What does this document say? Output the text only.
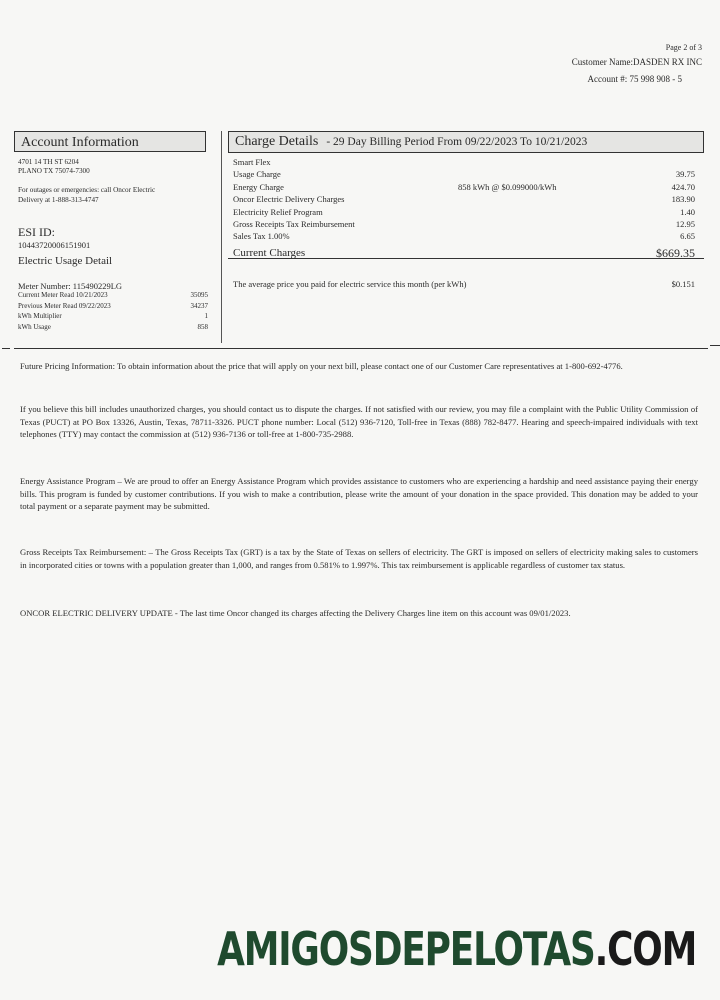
Page 2 of 3
Customer Name:DASDEN RX INC
Account #: 75 998 908 - 5
Account Information
4701 14 TH ST 6204
PLANO TX 75074-7300
For outages or emergencies: call Oncor Electric Delivery at 1-888-313-4747
ESI ID:
10443720006151901
Electric Usage Detail
Meter Number: 115490229LG
Current Meter Read 10/21/2023	35095
Previous Meter Read 09/22/2023	34237
kWh Multiplier	1
kWh Usage	858
Charge Details - 29 Day Billing Period From 09/22/2023 To 10/21/2023
Smart Flex
Usage Charge	39.75
Energy Charge	858 kWh @ $0.099000/kWh	424.70
Oncor Electric Delivery Charges	183.90
Electricity Relief Program	1.40
Gross Receipts Tax Reimbursement	12.95
Sales Tax 1.00%	6.65
Current Charges	$669.35
The average price you paid for electric service this month (per kWh)	$0.151
Future Pricing Information: To obtain information about the price that will apply on your next bill, please contact one of our Customer Care representatives at 1-800-692-4776.
If you believe this bill includes unauthorized charges, you should contact us to dispute the charges. If not satisfied with our review, you may file a complaint with the Public Utility Commission of Texas (PUCT) at PO Box 13326, Austin, Texas, 78711-3326. PUCT phone number: Local (512) 936-7120, Toll-free in Texas (888) 782-8477. Hearing and speech-impaired individuals with text telephones (TTY) may contact the commission at (512) 936-7136 or toll-free at 1-800-735-2988.
Energy Assistance Program – We are proud to offer an Energy Assistance Program which provides assistance to customers who are experiencing a hardship and need assistance paying their energy bills. This program is funded by customer contributions. If you wish to make a contribution, please write the amount of your donation in the space provided. This donation may be added to your total payment or a separate payment may be submitted.
Gross Receipts Tax Reimbursement: – The Gross Receipts Tax (GRT) is a tax by the State of Texas on sellers of electricity. The GRT is imposed on sellers of electricity making sales to customers in incorporated cities or towns with a population greater than 1,000, and ranges from 0.581% to 1.997%. This tax reimbursement is applicable regardless of customer tax status.
ONCOR ELECTRIC DELIVERY UPDATE - The last time Oncor changed its charges affecting the Delivery Charges line item on this account was 09/01/2023.
AMIGOSDEPELOTAS.COM
